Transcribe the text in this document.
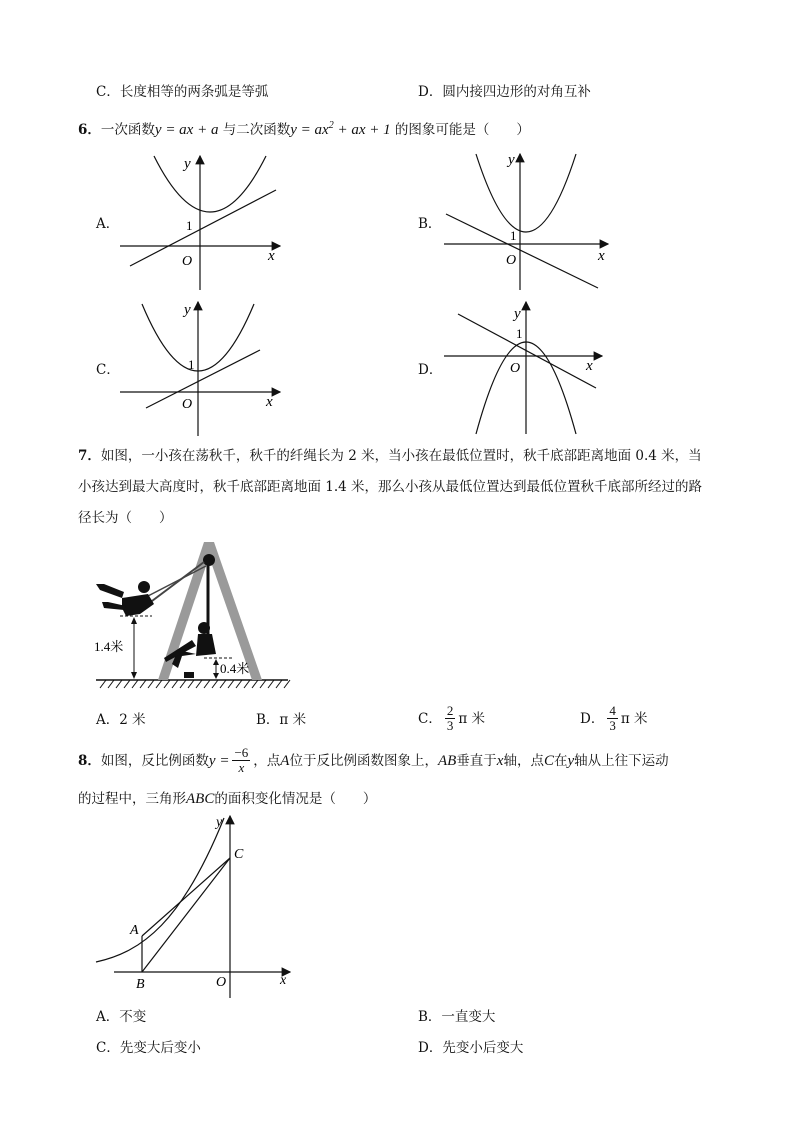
C．长度相等的两条弧是等弧	D．圆内接四边形的对角互补
6．一次函数y = ax + a 与二次函数$y = ax^2$ + ax + 1 的图象可能是（　　）
A．
O	x
y
1	B．
O	x
y
1
C．
O	x
y
1	D．	O	x
y
1
7．如图，一小孩在荡秋千，秋千的纤绳长为 2 米，当小孩在最低位置时，秋千底部距离地面 0.4 米，当
小孩达到最大高度时，秋千底部距离地面 1.4 米，那么小孩从最低位置达到最低位置秋千底部所经过的路
径长为（　　）
1.4米
0.4米
A．2 米	B．π 米	C． $\frac{2}{3}$ π 米	D． $\frac{4}{3}$ π 米
8． 如图，反比例函数 $y = \frac{-6}{x}$ ，点 A 位于反比例函数图象上， AB 垂直于 x 轴，点 C 在 y 轴从上往下运动
的过程中，三角形ABC的面积变化情况是（　　）
A
B
C
O	x
y
A．不变	B．一直变大
C．先变大后变小	D．先变小后变大
